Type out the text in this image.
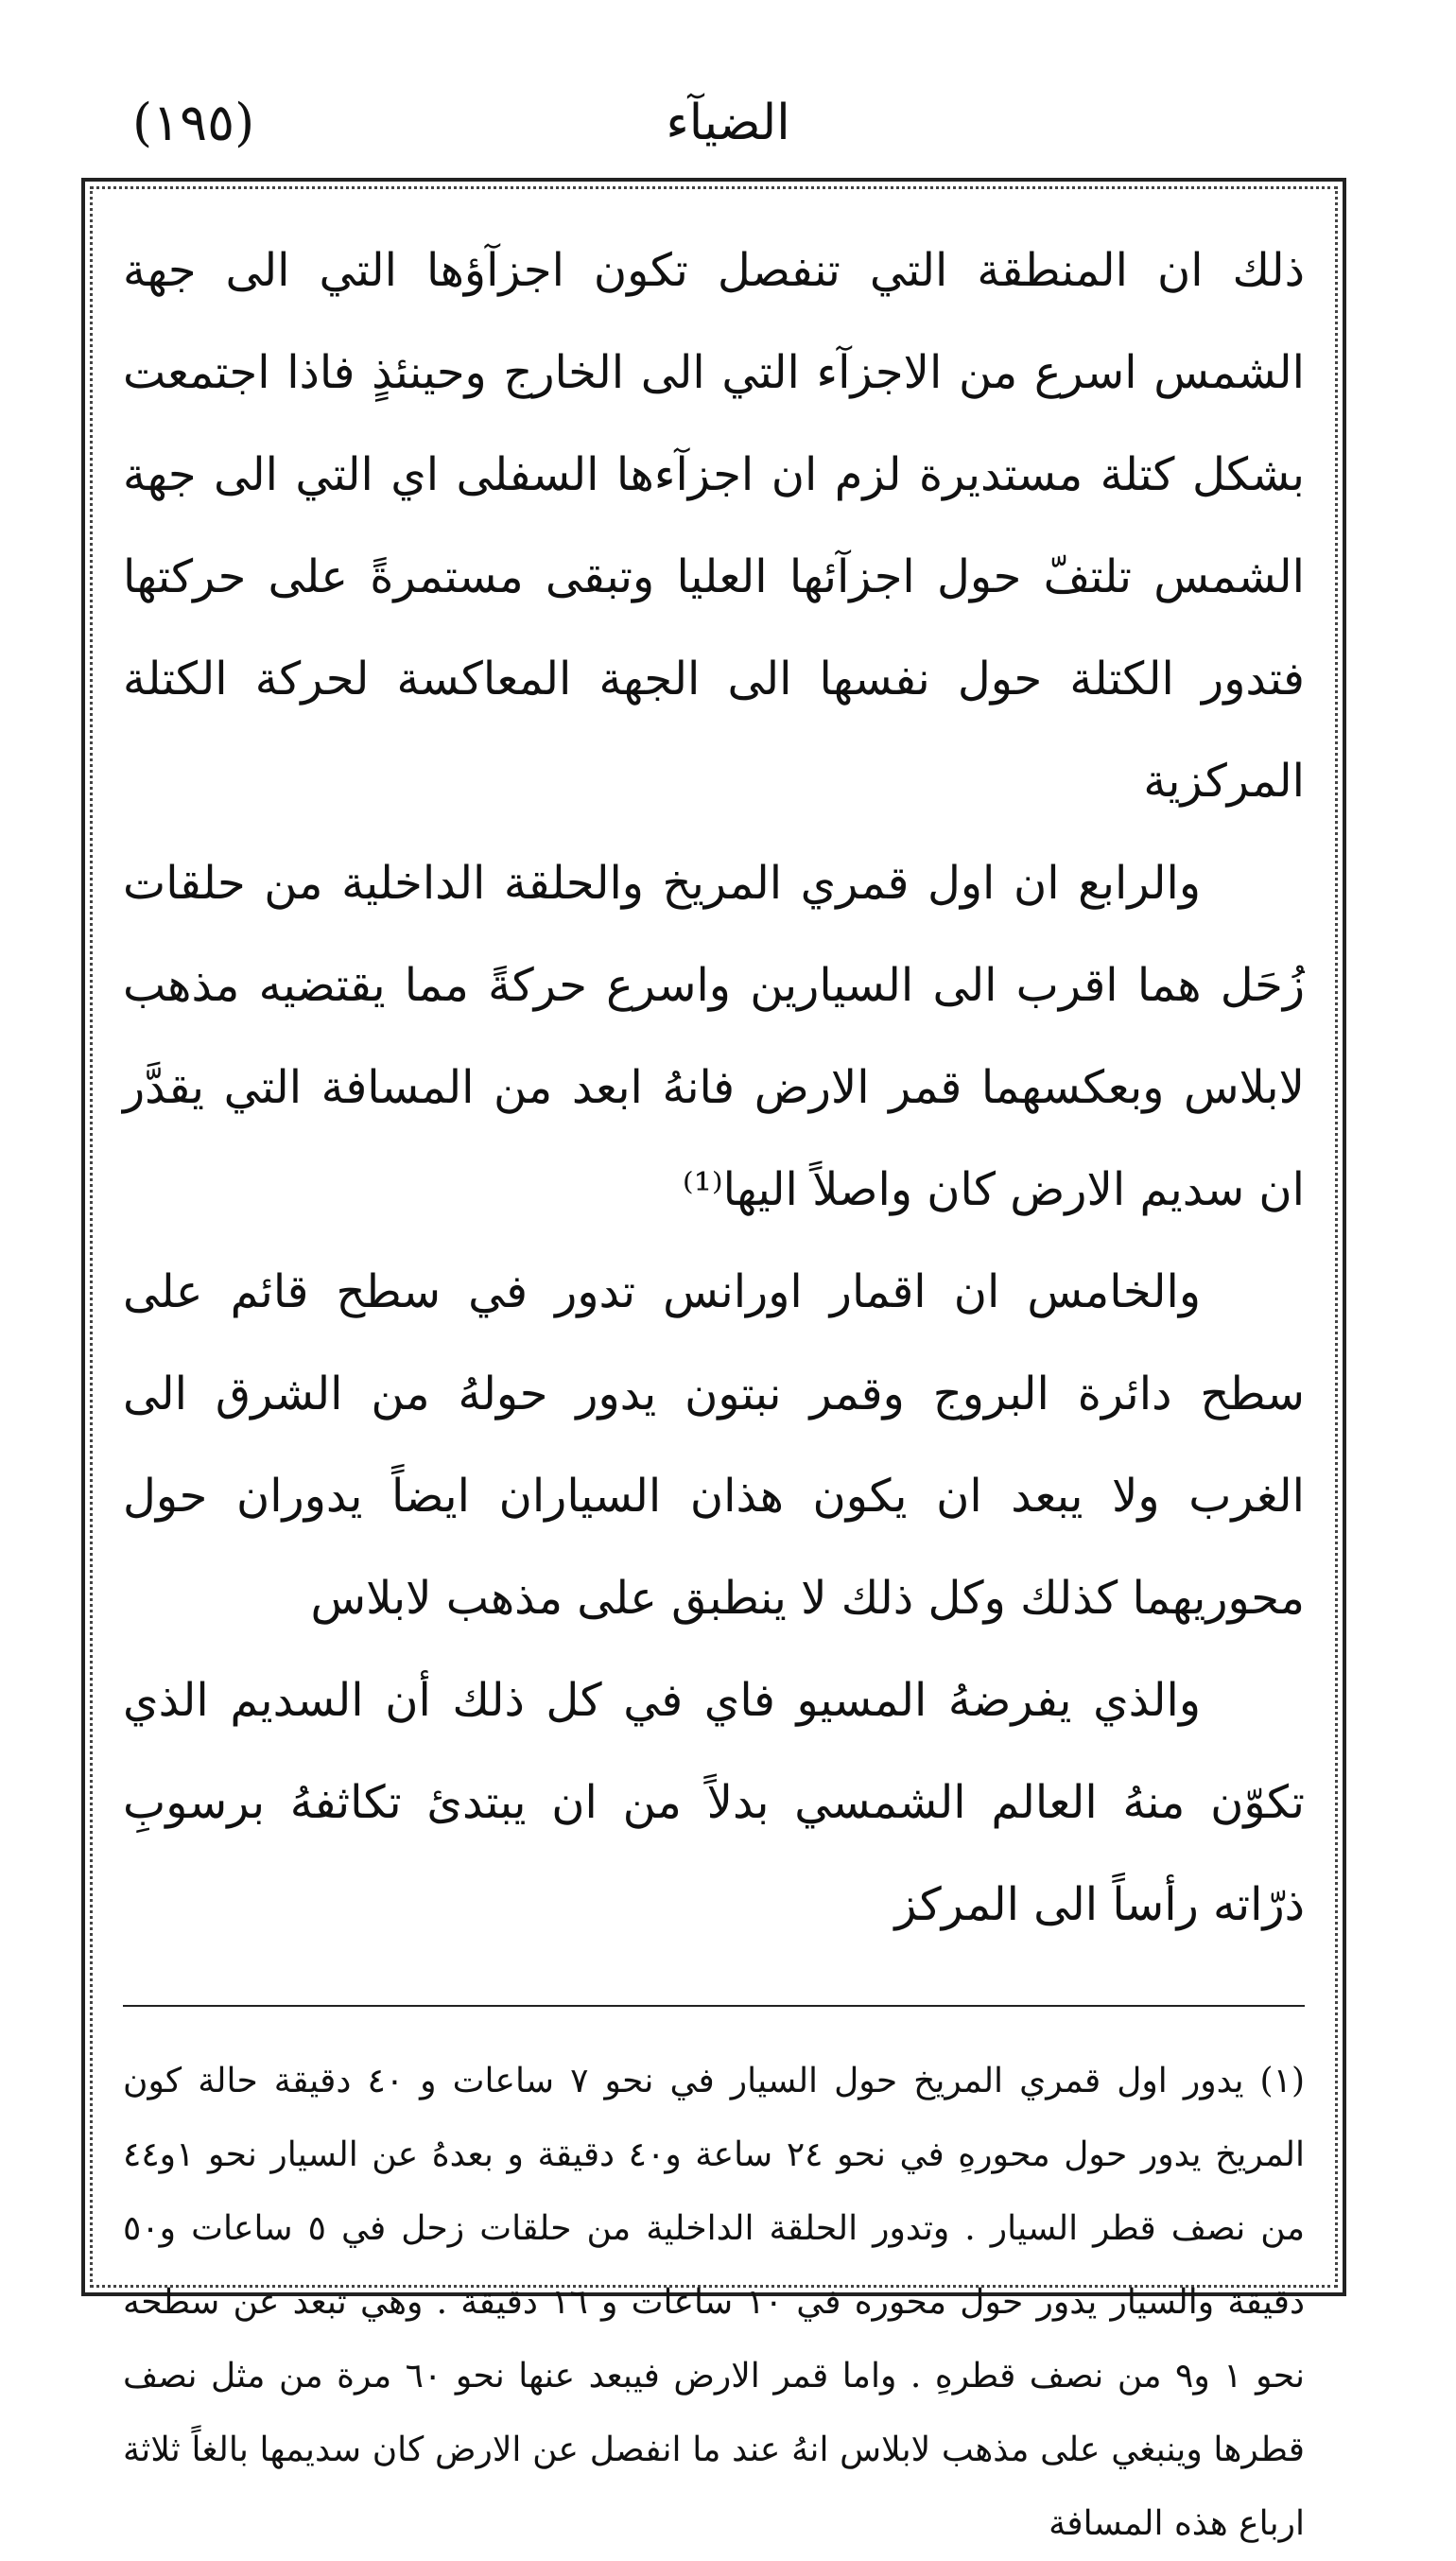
(١٩٥)	الضيآء

ذلك ان المنطقة التي تنفصل تكون اجزآؤها التي الى جهة الشمس اسرع من الاجزآء التي الى الخارج وحينئذٍ فاذا اجتمعت بشكل كتلة مستديرة لزم ان اجزآءها السفلى اي التي الى جهة الشمس تلتفّ حول اجزآئها العليا وتبقى مستمرةً على حركتها فتدور الكتلة حول نفسها الى الجهة المعاكسة لحركة الكتلة المركزية

والرابع ان اول قمري المريخ والحلقة الداخلية من حلقات زُحَل هما اقرب الى السيارين واسرع حركةً مما يقتضيه مذهب لابلاس وبعكسهما قمر الارض فانهُ ابعد من المسافة التي يقدَّر ان سديم الارض كان واصلاً اليها⁽¹⁾

والخامس ان اقمار اورانس تدور في سطح قائم على سطح دائرة البروج وقمر نبتون يدور حولهُ من الشرق الى الغرب ولا يبعد ان يكون هذان السياران ايضاً يدوران حول محوريهما كذلك وكل ذلك لا ينطبق على مذهب لابلاس

والذي يفرضهُ المسيو فاي في كل ذلك أن السديم الذي تكوّن منهُ العالم الشمسي بدلاً من ان يبتدئ تكاثفهُ برسوبِ ذرّاته رأساً الى المركز

(١) يدور اول قمري المريخ حول السيار في نحو ٧ ساعات و ٤٠ دقيقة حالة كون المريخ يدور حول محورهِ في نحو ٢٤ ساعة و٤٠ دقيقة و بعدهُ عن السيار نحو ١و٤٤ من نصف قطر السيار . وتدور الحلقة الداخلية من حلقات زحل في ٥ ساعات و٥٠ دقيقة والسيار يدور حول محوره في ١٠ ساعات و ١٦ دقيقة . وهي تبعد عن سطحه نحو ١ و٩ من نصف قطرهِ . واما قمر الارض فيبعد عنها نحو ٦٠ مرة من مثل نصف قطرها وينبغي على مذهب لابلاس انهُ عند ما انفصل عن الارض كان سديمها بالغاً ثلاثة ارباع هذه المسافة
